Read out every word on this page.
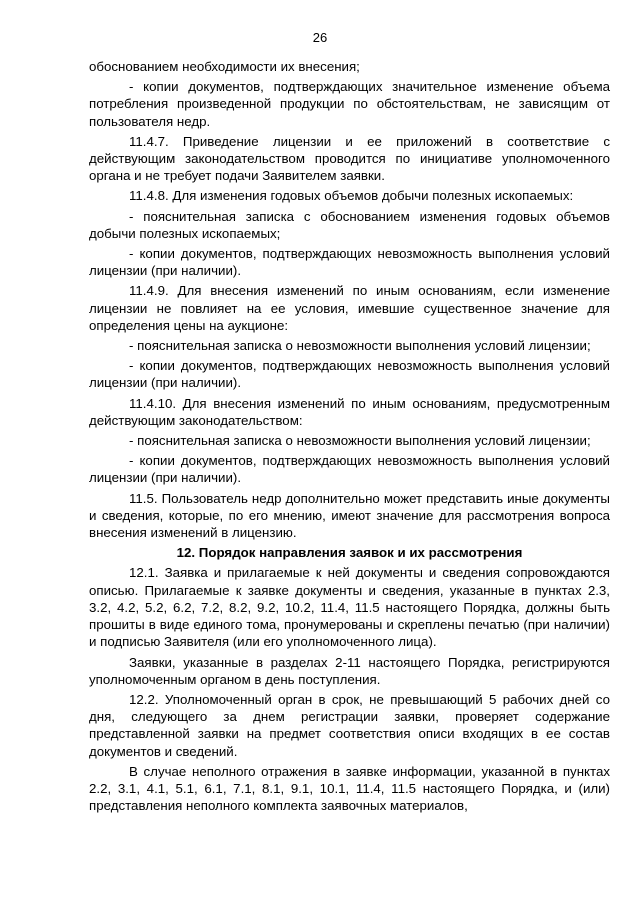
26

обоснованием необходимости их внесения;

- копии документов, подтверждающих значительное изменение объема потребления произведенной продукции по обстоятельствам, не зависящим от пользователя недр.

11.4.7. Приведение лицензии и ее приложений в соответствие с действующим законодательством проводится по инициативе уполномоченного органа и не требует подачи Заявителем заявки.

11.4.8. Для изменения годовых объемов добычи полезных ископаемых:

- пояснительная записка с обоснованием изменения годовых объемов добычи полезных ископаемых;

- копии документов, подтверждающих невозможность выполнения условий лицензии (при наличии).

11.4.9. Для внесения изменений по иным основаниям, если изменение лицензии не повлияет на ее условия, имевшие существенное значение для определения цены на аукционе:

- пояснительная записка о невозможности выполнения условий лицензии;

- копии документов, подтверждающих невозможность выполнения условий лицензии (при наличии).

11.4.10. Для внесения изменений по иным основаниям, предусмотренным действующим законодательством:

- пояснительная записка о невозможности выполнения условий лицензии;

- копии документов, подтверждающих невозможность выполнения условий лицензии (при наличии).

11.5. Пользователь недр дополнительно может представить иные документы и сведения, которые, по его мнению, имеют значение для рассмотрения вопроса внесения изменений в лицензию.

12. Порядок направления заявок и их рассмотрения

12.1. Заявка и прилагаемые к ней документы и сведения сопровождаются описью. Прилагаемые к заявке документы и сведения, указанные в пунктах 2.3, 3.2, 4.2, 5.2, 6.2, 7.2, 8.2, 9.2, 10.2, 11.4, 11.5 настоящего Порядка, должны быть прошиты в виде единого тома, пронумерованы и скреплены печатью (при наличии) и подписью Заявителя (или его уполномоченного лица).

Заявки, указанные в разделах 2-11 настоящего Порядка, регистрируются уполномоченным органом в день поступления.

12.2. Уполномоченный орган в срок, не превышающий 5 рабочих дней со дня, следующего за днем регистрации заявки, проверяет содержание представленной заявки на предмет соответствия описи входящих в ее состав документов и сведений.

В случае неполного отражения в заявке информации, указанной в пунктах 2.2, 3.1, 4.1, 5.1, 6.1, 7.1, 8.1, 9.1, 10.1, 11.4, 11.5 настоящего Порядка, и (или) представления неполного комплекта заявочных материалов,
